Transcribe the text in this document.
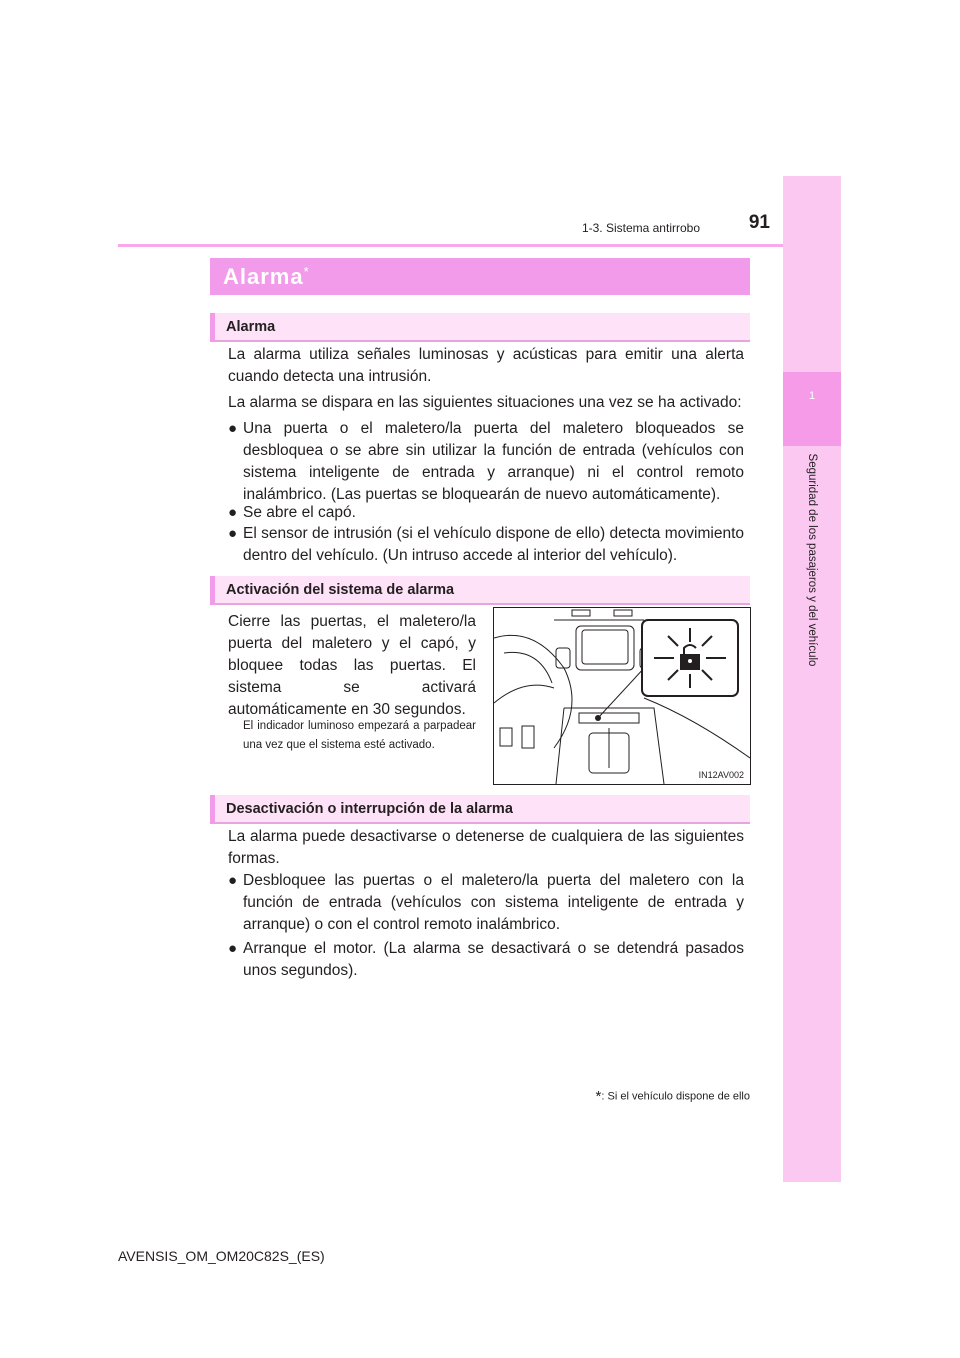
1
Seguridad de los pasajeros y del vehículo
1-3. Sistema antirrobo	91
Alarma*
Alarma
La alarma utiliza señales luminosas y acústicas para emitir una alerta cuando detecta una intrusión.
La alarma se dispara en las siguientes situaciones una vez se ha activado:
● Una puerta o el maletero/la puerta del maletero bloqueados se desbloquea o se abre sin utilizar la función de entrada (vehículos con sistema inteligente de entrada y arranque) ni el control remoto inalámbrico. (Las puertas se bloquearán de nuevo automáticamente).
● Se abre el capó.
● El sensor de intrusión (si el vehículo dispone de ello) detecta movimiento dentro del vehículo. (Un intruso accede al interior del vehículo).
Activación del sistema de alarma
Cierre las puertas, el maletero/la puerta del maletero y el capó, y bloquee todas las puertas. El sistema se activará automáticamente en 30 segundos.
El indicador luminoso empezará a parpadear una vez que el sistema esté activado.
IN12AV002
Desactivación o interrupción de la alarma
La alarma puede desactivarse o detenerse de cualquiera de las siguientes formas.
● Desbloquee las puertas o el maletero/la puerta del maletero con la función de entrada (vehículos con sistema inteligente de entrada y arranque) o con el control remoto inalámbrico.
● Arranque el motor. (La alarma se desactivará o se detendrá pasados unos segundos).
*: Si el vehículo dispone de ello
AVENSIS_OM_OM20C82S_(ES)
